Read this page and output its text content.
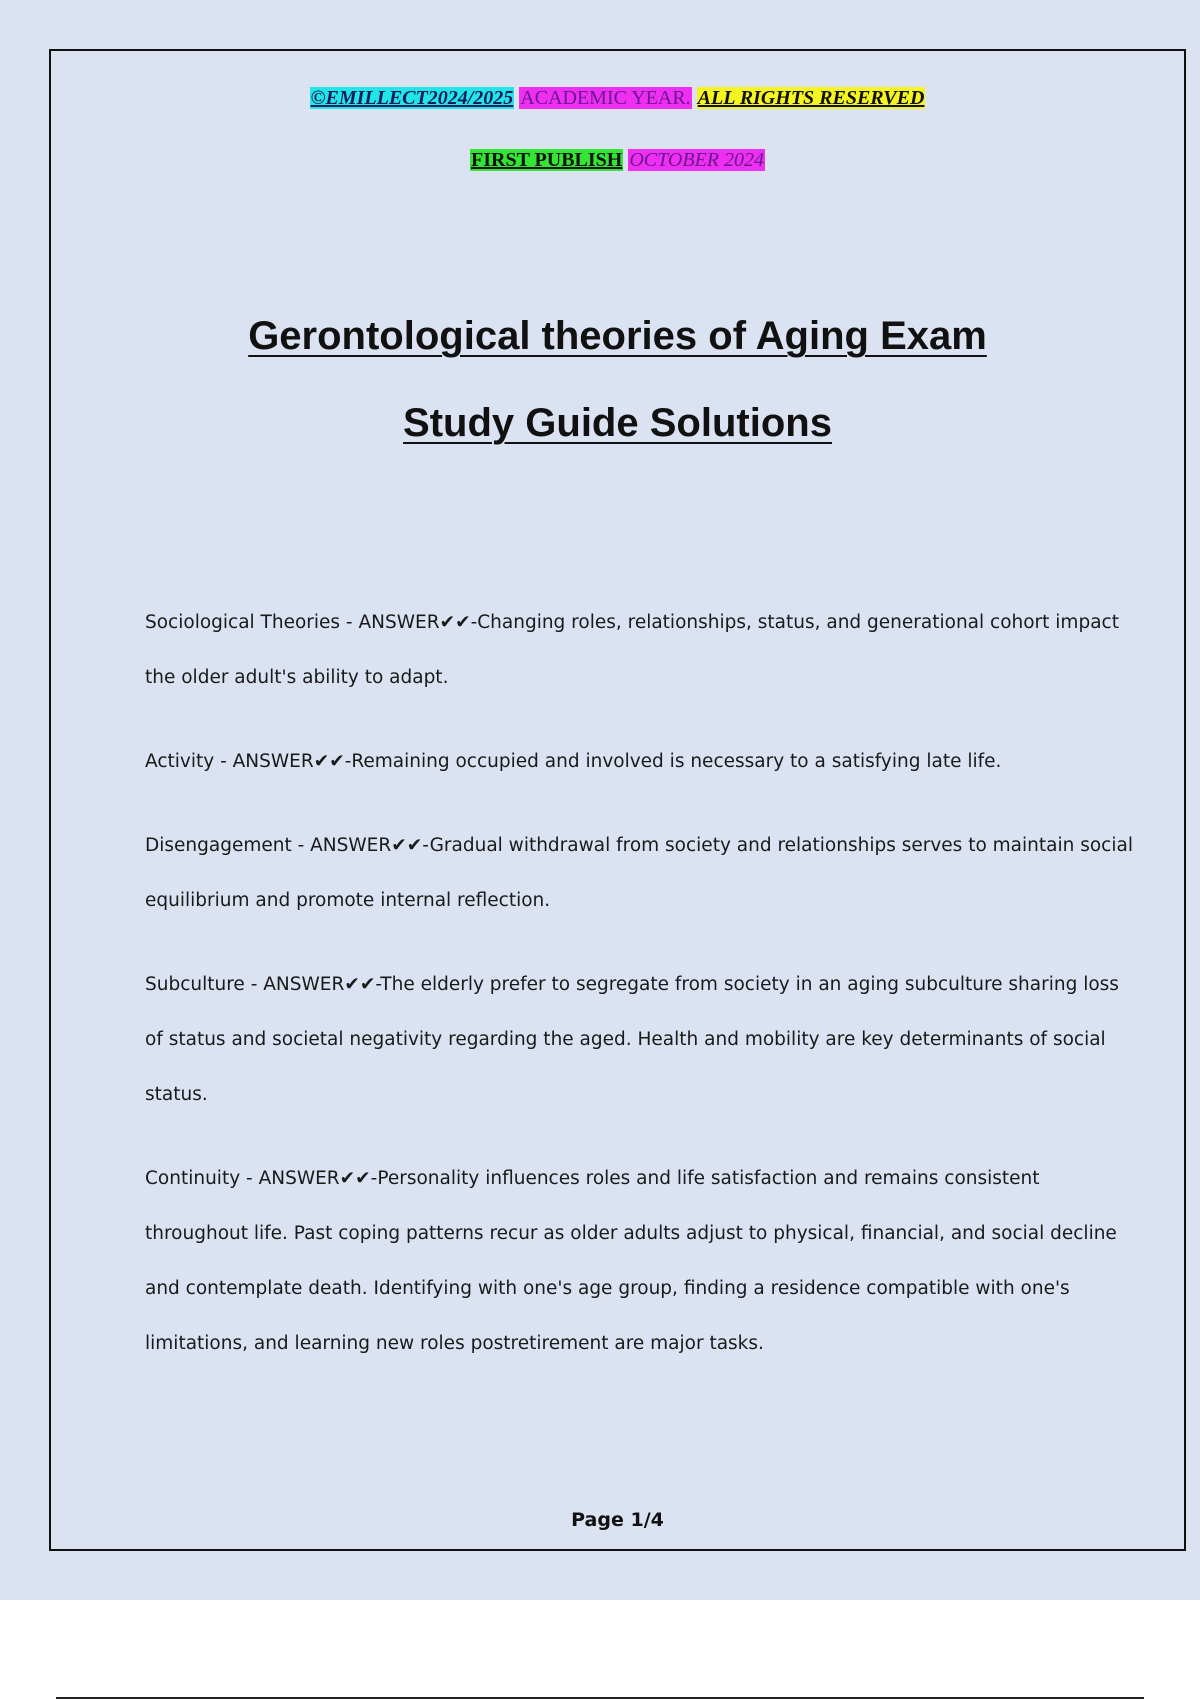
©EMILLECT2024/2025 ACADEMIC YEAR. ALL RIGHTS RESERVED
FIRST PUBLISH OCTOBER 2024
Gerontological theories of Aging Exam
Study Guide Solutions

Sociological Theories - ANSWER✔✔-Changing roles, relationships, status, and generational cohort impact the older adult's ability to adapt.

Activity - ANSWER✔✔-Remaining occupied and involved is necessary to a satisfying late life.

Disengagement - ANSWER✔✔-Gradual withdrawal from society and relationships serves to maintain social equilibrium and promote internal reflection.

Subculture - ANSWER✔✔-The elderly prefer to segregate from society in an aging subculture sharing loss of status and societal negativity regarding the aged. Health and mobility are key determinants of social status.

Continuity - ANSWER✔✔-Personality influences roles and life satisfaction and remains consistent throughout life. Past coping patterns recur as older adults adjust to physical, financial, and social decline and contemplate death. Identifying with one's age group, finding a residence compatible with one's limitations, and learning new roles postretirement are major tasks.

Page 1/4
